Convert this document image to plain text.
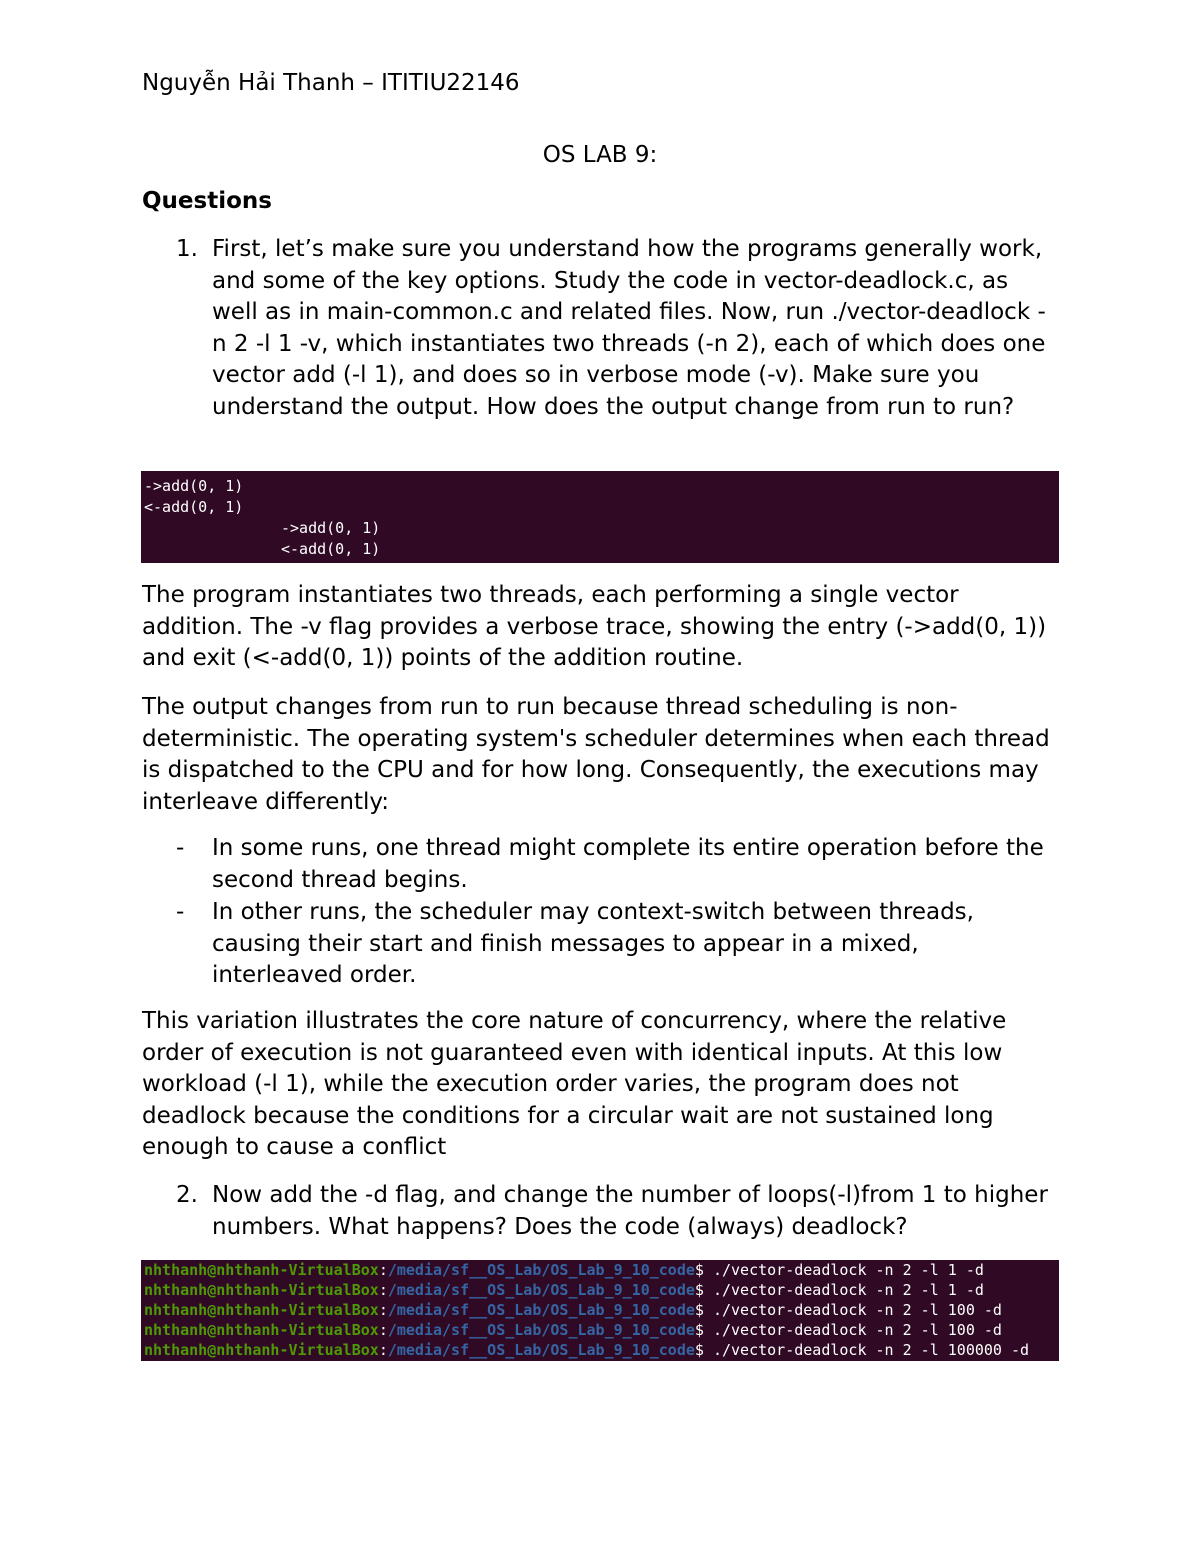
Nguyễn Hải Thanh – ITITIU22146
OS LAB 9:
Questions
1. First, let’s make sure you understand how the programs generally work, and some of the key options. Study the code in vector-deadlock.c, as well as in main-common.c and related files. Now, run ./vector-deadlock -n 2 -l 1 -v, which instantiates two threads (-n 2), each of which does one vector add (-l 1), and does so in verbose mode (-v). Make sure you understand the output. How does the output change from run to run?
->add(0, 1)
<-add(0, 1)
->add(0, 1)
<-add(0, 1)
The program instantiates two threads, each performing a single vector addition. The -v flag provides a verbose trace, showing the entry (->add(0, 1)) and exit (<-add(0, 1)) points of the addition routine.
The output changes from run to run because thread scheduling is non-deterministic. The operating system's scheduler determines when each thread is dispatched to the CPU and for how long. Consequently, the executions may interleave differently:
- In some runs, one thread might complete its entire operation before the second thread begins.
- In other runs, the scheduler may context-switch between threads, causing their start and finish messages to appear in a mixed, interleaved order.
This variation illustrates the core nature of concurrency, where the relative order of execution is not guaranteed even with identical inputs. At this low workload (-l 1), while the execution order varies, the program does not deadlock because the conditions for a circular wait are not sustained long enough to cause a conflict
2. Now add the -d flag, and change the number of loops(-l)from 1 to higher numbers. What happens? Does the code (always) deadlock?
nhthanh@nhthanh-VirtualBox:/media/sf__OS_Lab/OS_Lab_9_10_code$ ./vector-deadlock -n 2 -l 1 -d
nhthanh@nhthanh-VirtualBox:/media/sf__OS_Lab/OS_Lab_9_10_code$ ./vector-deadlock -n 2 -l 1 -d
nhthanh@nhthanh-VirtualBox:/media/sf__OS_Lab/OS_Lab_9_10_code$ ./vector-deadlock -n 2 -l 100 -d
nhthanh@nhthanh-VirtualBox:/media/sf__OS_Lab/OS_Lab_9_10_code$ ./vector-deadlock -n 2 -l 100 -d
nhthanh@nhthanh-VirtualBox:/media/sf__OS_Lab/OS_Lab_9_10_code$ ./vector-deadlock -n 2 -l 100000 -d
